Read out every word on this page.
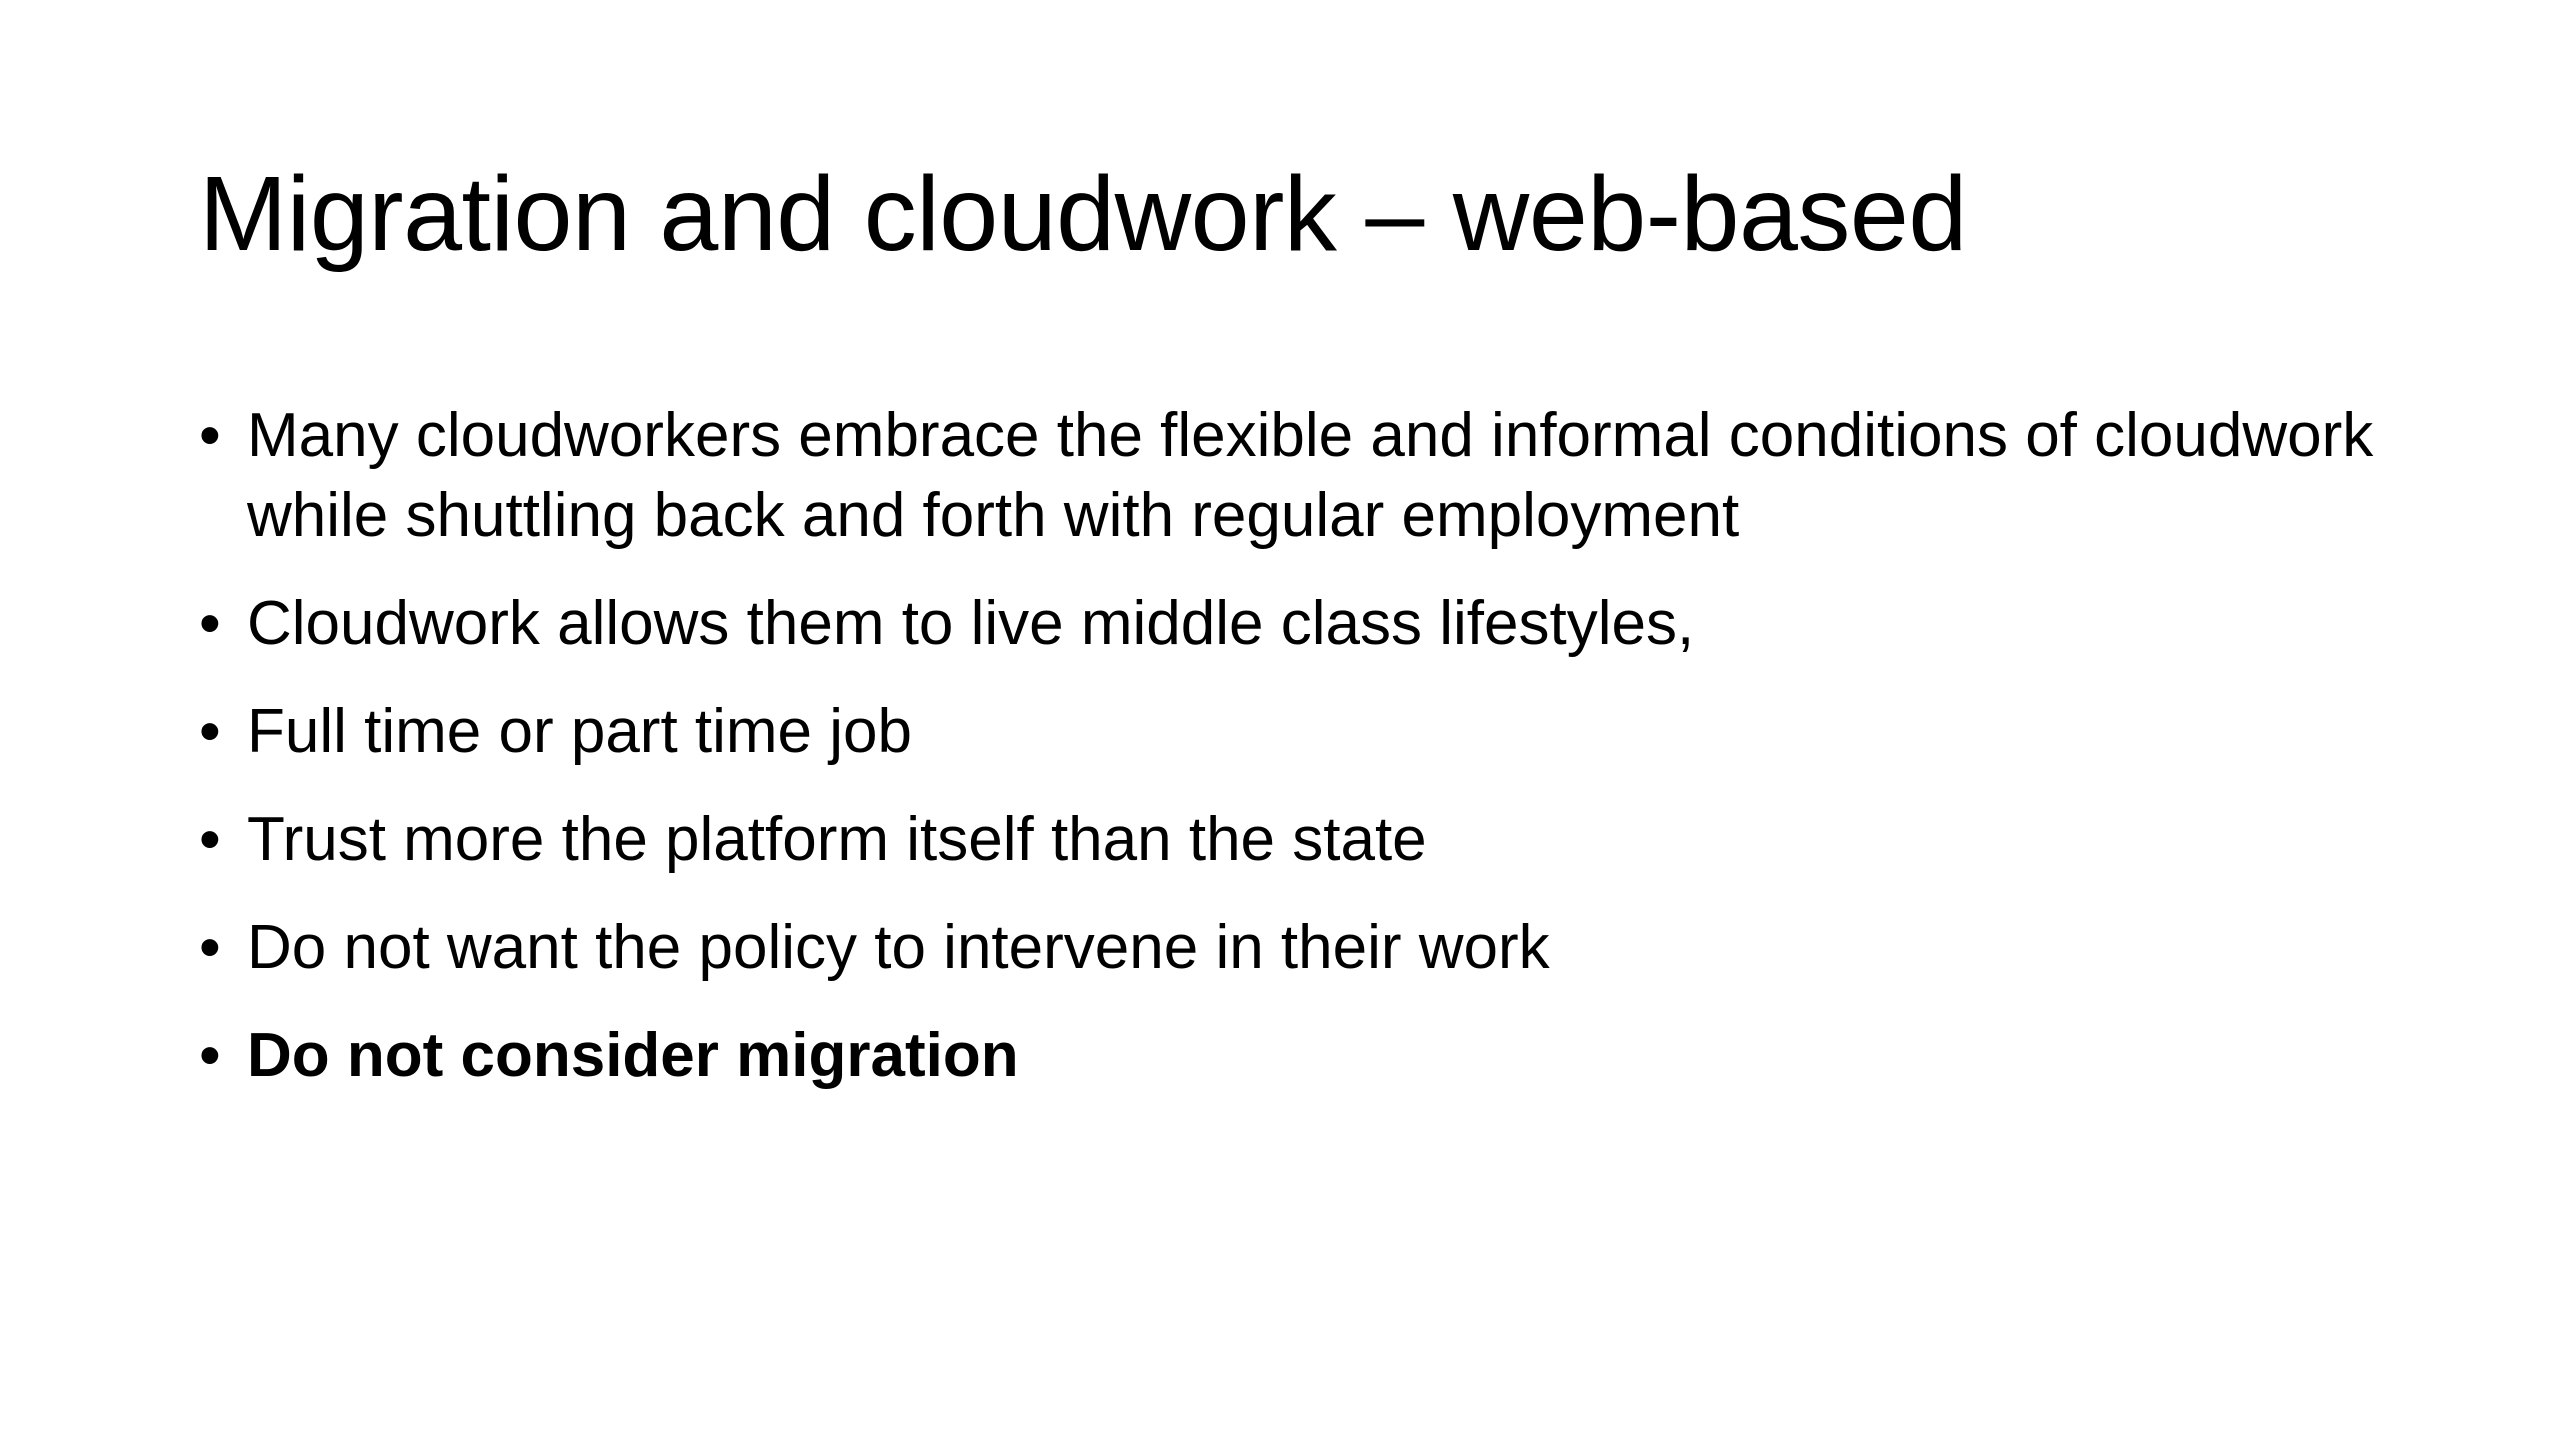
Migration and cloudwork – web-based
• Many cloudworkers embrace the flexible and informal conditions of cloudwork while shuttling back and forth with regular employment
• Cloudwork allows them to live middle class lifestyles,
• Full time or part time job
• Trust more the platform itself than the state
• Do not want the policy to intervene in their work
• Do not consider migration
